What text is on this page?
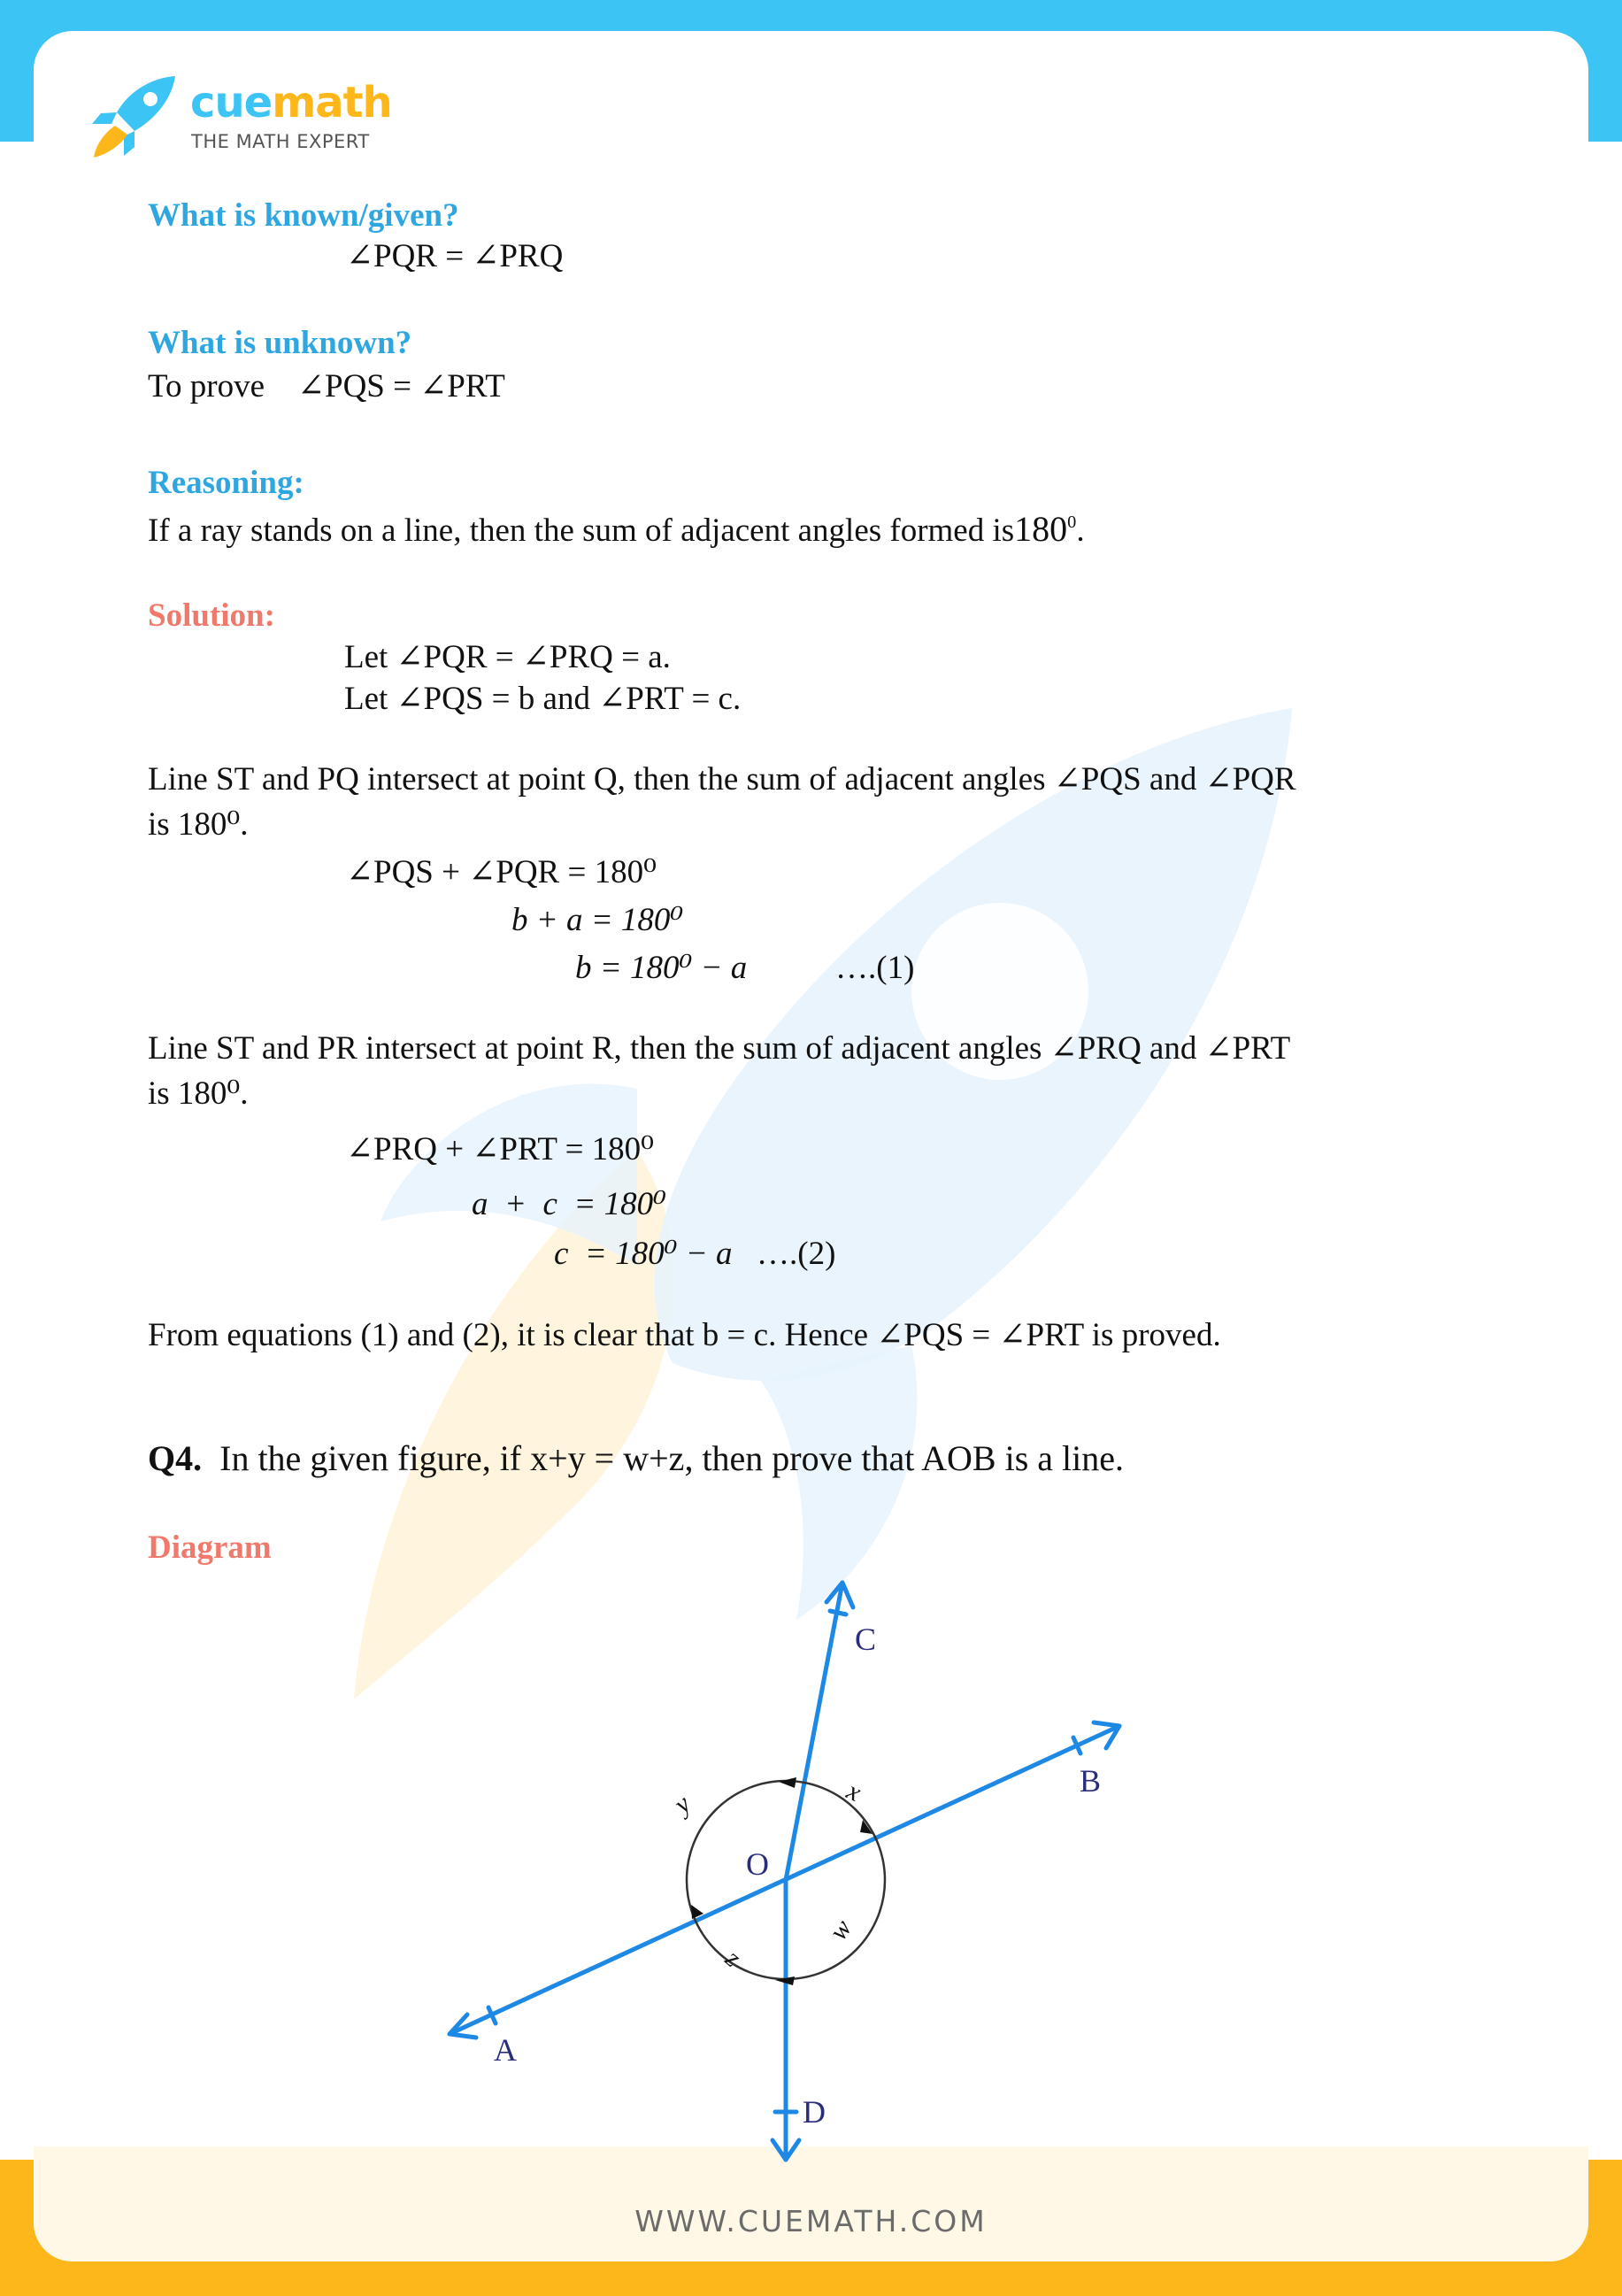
cuemath
THE MATH EXPERT
What is known/given?
∠PQR = ∠PRQ
What is unknown?
To prove    ∠PQS = ∠PRT
Reasoning:
If a ray stands on a line, then the sum of adjacent angles formed $is180^0$.
Solution:
Let ∠PQR = ∠PRQ = a.
Let ∠PQS = b and ∠PRT = c.
Line ST and PQ intersect at point Q, then the sum of adjacent angles ∠PQS and ∠PQR
is 180⁰.
∠PQS + ∠PQR = 180⁰
b + a = 180⁰
b = 180⁰ − a	….(1)
Line ST and PR intersect at point R, then the sum of adjacent angles ∠PRQ and ∠PRT
is 180⁰.
∠PRQ + ∠PRT = 180⁰
a  +  c  = 180⁰
c  = 180⁰ − a ….(2)
From equations (1) and (2), it is clear that b = c. Hence ∠PQS = ∠PRT is proved.
Q4. In the given figure, if x+y = w+z, then prove that AOB is a line.
Diagram
A
B
C
D
O
x
y
z
w
WWW.CUEMATH.COM
